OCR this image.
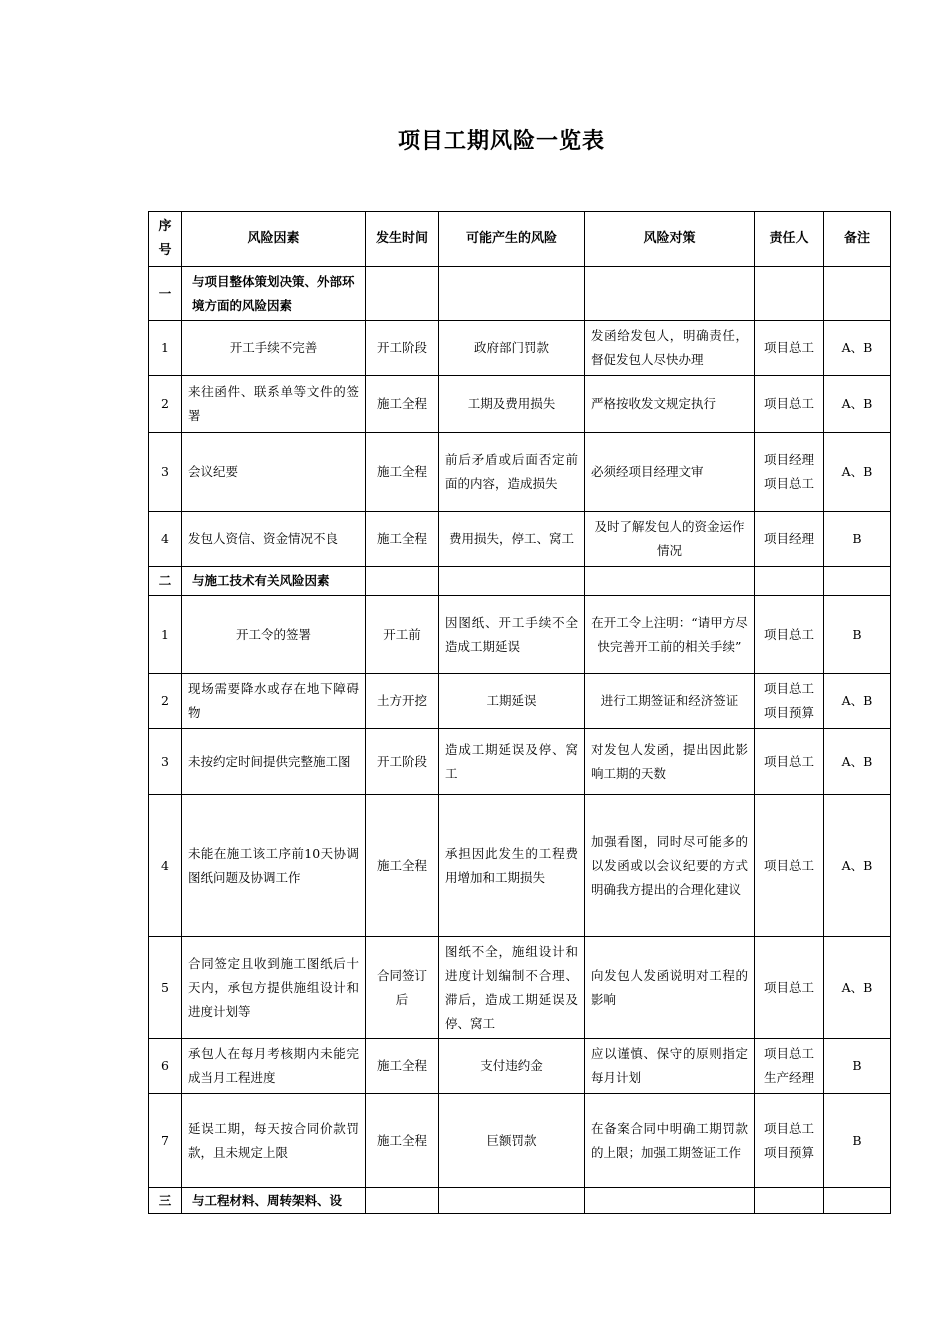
项目工期风险一览表
序号	风险因素	发生时间	可能产生的风险	风险对策	责任人	备注
一	与项目整体策划决策、外部环境方面的风险因素					
1	开工手续不完善	开工阶段	政府部门罚款	发函给发包人，明确责任，督促发包人尽快办理	项目总工	A、B
2	来往函件、联系单等文件的签署	施工全程	工期及费用损失	严格按收发文规定执行	项目总工	A、B
3	会议纪要	施工全程	前后矛盾或后面否定前面的内容，造成损失	必须经项目经理文审	项目经理 项目总工	A、B
4	发包人资信、资金情况不良	施工全程	费用损失，停工、窝工	及时了解发包人的资金运作情况	项目经理	B
二	与施工技术有关风险因素					
1	开工令的签署	开工前	因图纸、开工手续不全造成工期延误	在开工令上注明：“请甲方尽快完善开工前的相关手续”	项目总工	B
2	现场需要降水或存在地下障碍物	土方开挖	工期延误	进行工期签证和经济签证	项目总工 项目预算	A、B
3	未按约定时间提供完整施工图	开工阶段	造成工期延误及停、窝工	对发包人发函，提出因此影响工期的天数	项目总工	A、B
4	未能在施工该工序前10天协调图纸问题及协调工作	施工全程	承担因此发生的工程费用增加和工期损失	加强看图，同时尽可能多的以发函或以会议纪要的方式明确我方提出的合理化建议	项目总工	A、B
5	合同签定且收到施工图纸后十天内，承包方提供施组设计和进度计划等	合同签订后	图纸不全，施组设计和进度计划编制不合理、滞后，造成工期延误及停、窝工	向发包人发函说明对工程的影响	项目总工	A、B
6	承包人在每月考核期内未能完成当月工程进度	施工全程	支付违约金	应以谨慎、保守的原则指定每月计划	项目总工 生产经理	B
7	延误工期，每天按合同价款罚款，且未规定上限	施工全程	巨额罚款	在备案合同中明确工期罚款的上限；加强工期签证工作	项目总工 项目预算	B
三	与工程材料、周转架料、设					
